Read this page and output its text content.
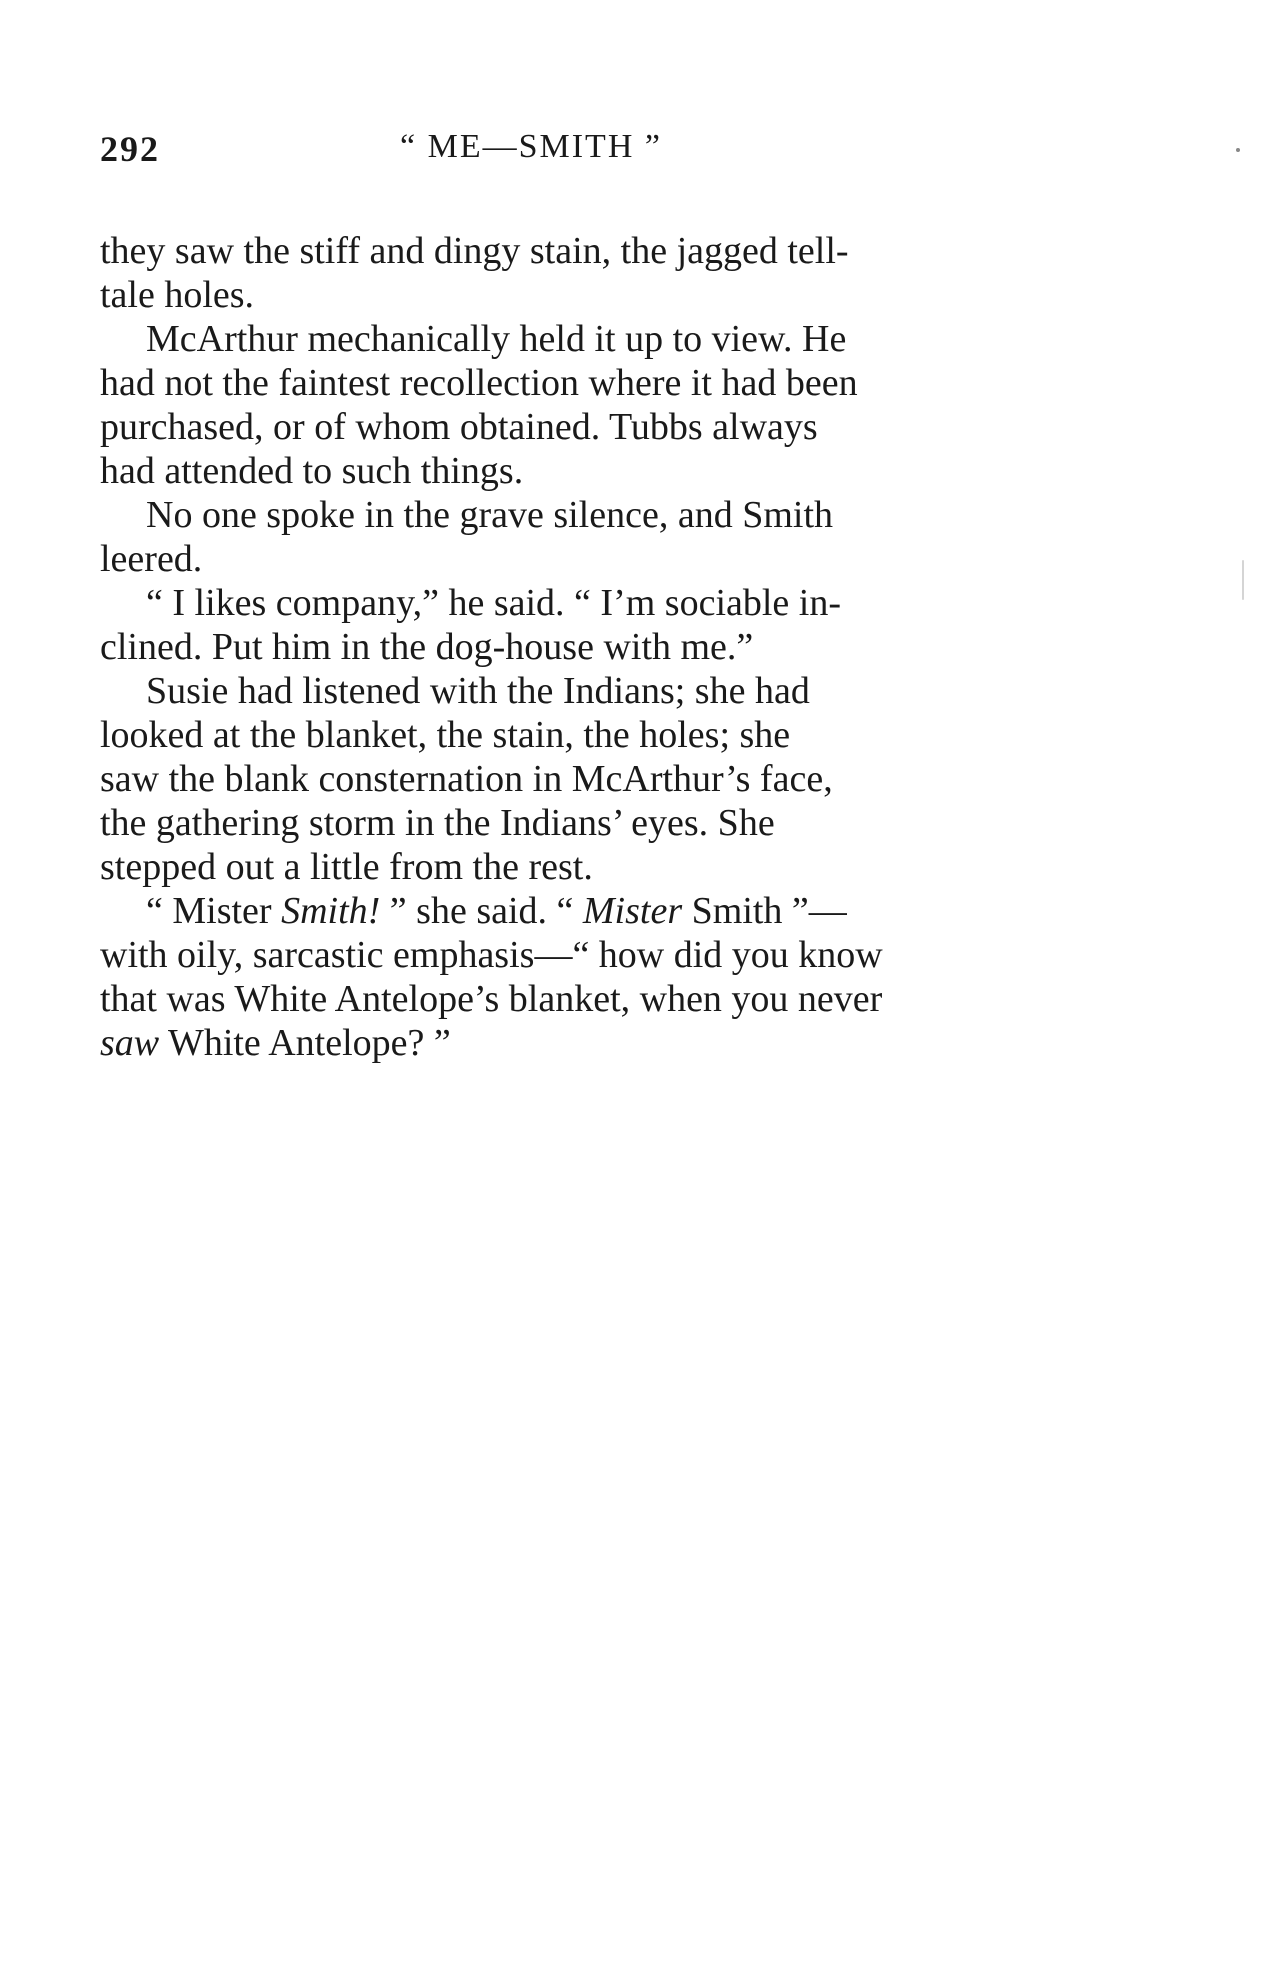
292	“ ME—SMITH ”
they saw the stiff and dingy stain, the jagged tell-
tale holes.
McArthur mechanically held it up to view. He
had not the faintest recollection where it had been
purchased, or of whom obtained. Tubbs always
had attended to such things.
No one spoke in the grave silence, and Smith
leered.
“ I likes company,” he said. “ I’m sociable in-
clined. Put him in the dog-house with me.”
Susie had listened with the Indians; she had
looked at the blanket, the stain, the holes; she
saw the blank consternation in McArthur’s face,
the gathering storm in the Indians’ eyes. She
stepped out a little from the rest.
“ Mister Smith! ” she said. “ Mister Smith ”—
with oily, sarcastic emphasis—“ how did you know
that was White Antelope’s blanket, when you never
saw White Antelope? ”
